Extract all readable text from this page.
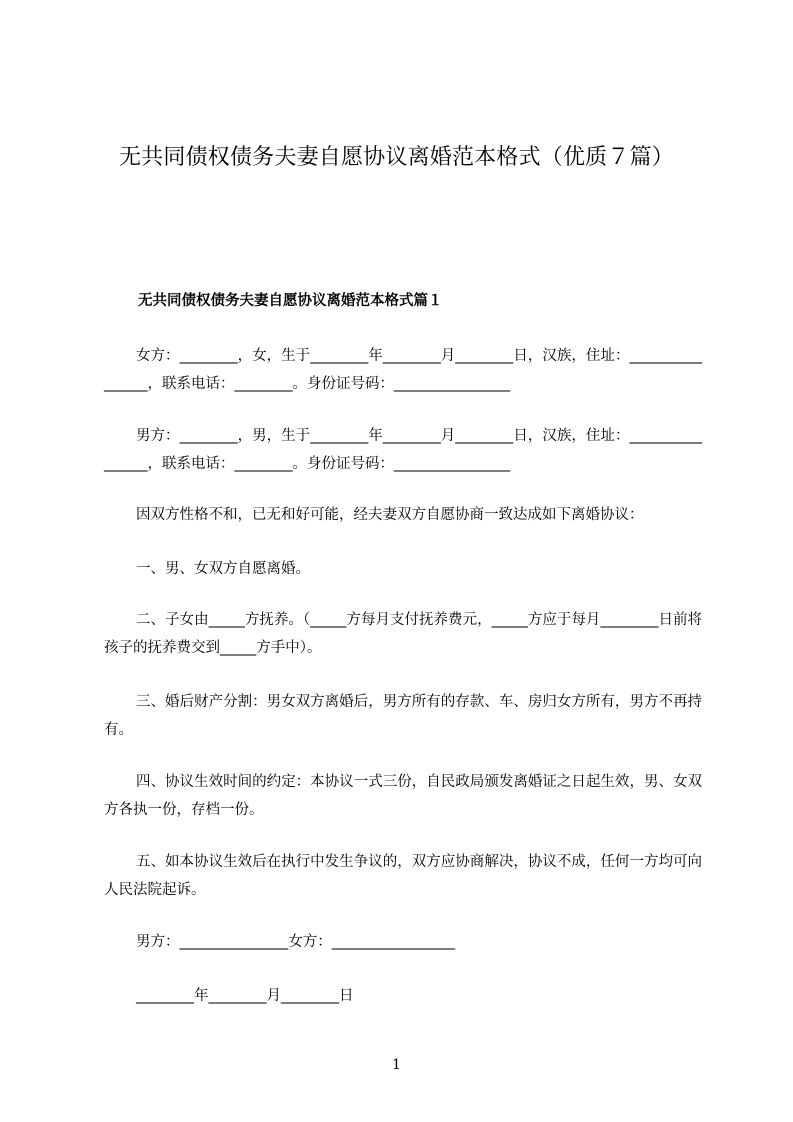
无共同债权债务夫妻自愿协议离婚范本格式（优质７篇）
无共同债权债务夫妻自愿协议离婚范本格式篇１

女方：________，女，生于________年________月________日，汉族，住址：________________，联系电话：________。身份证号码：________________

男方：________，男，生于________年________月________日，汉族，住址：________________，联系电话：________。身份证号码：________________

因双方性格不和，已无和好可能，经夫妻双方自愿协商一致达成如下离婚协议：

一、男、女双方自愿离婚。

二、子女由_____方抚养。（_____方每月支付抚养费元，_____方应于每月________日前将孩子的抚养费交到_____方手中）。

三、婚后财产分割：男女双方离婚后，男方所有的存款、车、房归女方所有，男方不再持有。

四、协议生效时间的约定：本协议一式三份，自民政局颁发离婚证之日起生效，男、女双方各执一份，存档一份。

五、如本协议生效后在执行中发生争议的，双方应协商解决，协议不成，任何一方均可向人民法院起诉。

男方：_______________女方：_________________
________年________月________日
1
